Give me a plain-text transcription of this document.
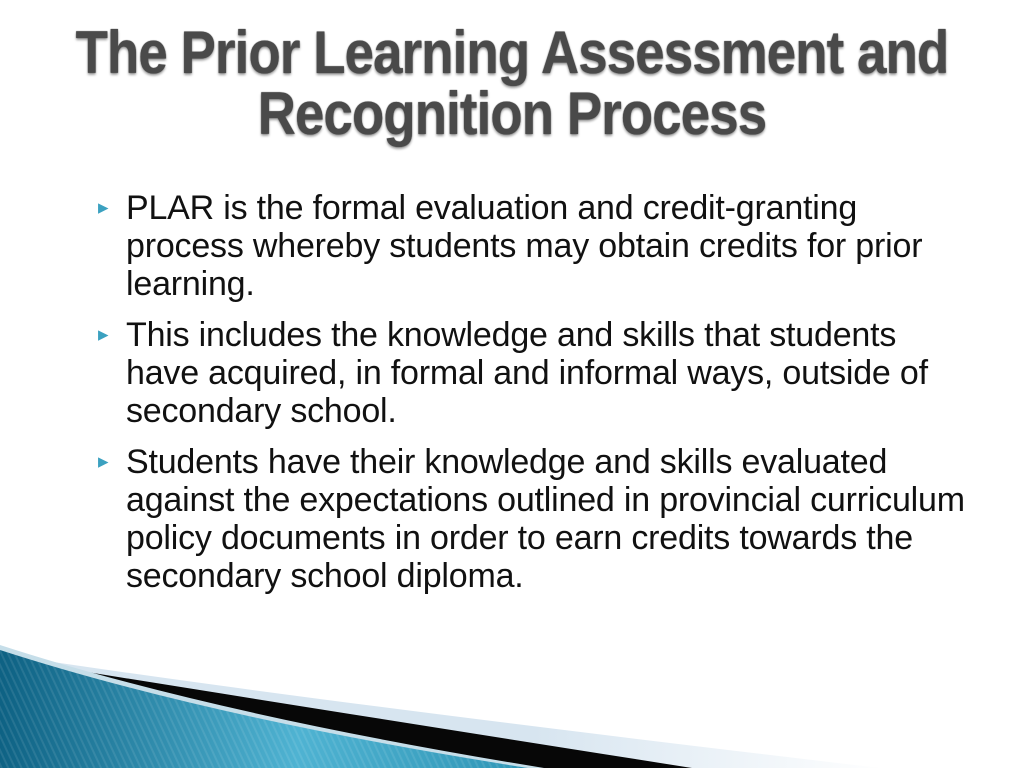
The Prior Learning Assessment and Recognition Process
▸ PLAR is the formal evaluation and credit-granting process whereby students may obtain credits for prior learning.
▸ This includes the knowledge and skills that students have acquired, in formal and informal ways, outside of secondary school.
▸ Students have their knowledge and skills evaluated against the expectations outlined in provincial curriculum policy documents in order to earn credits towards the secondary school diploma.
